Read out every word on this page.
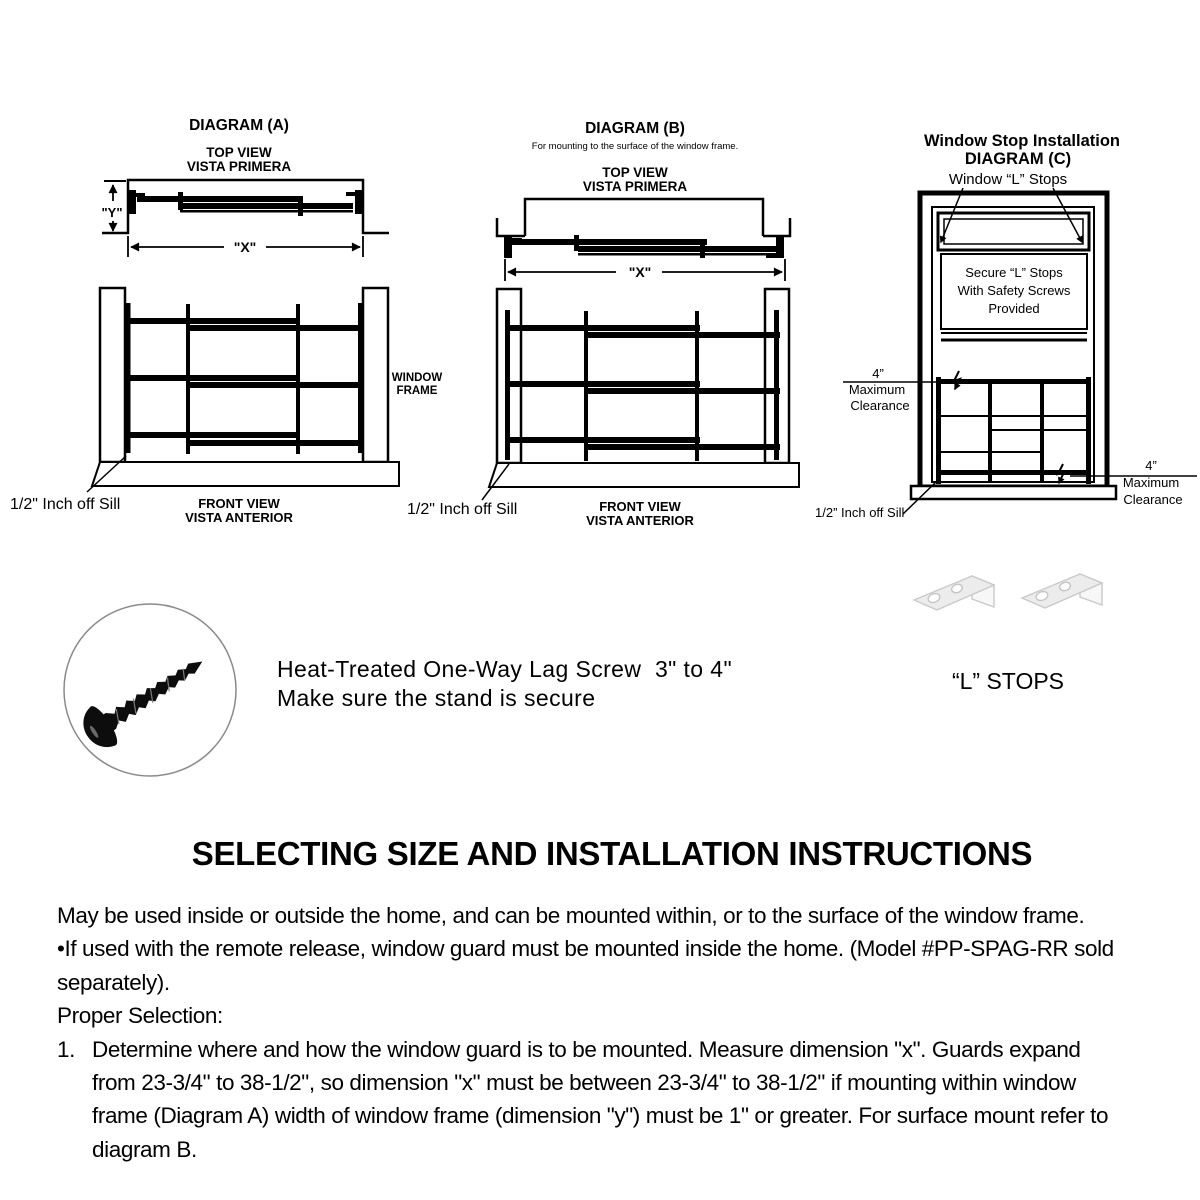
DIAGRAM (A)
TOP VIEW
VISTA PRIMERA
"Y"
"X"
WINDOW
FRAME
1/2" Inch off Sill	FRONT VIEW
VISTA ANTERIOR
DIAGRAM (B)
For mounting to the surface of the window frame.
TOP VIEW
VISTA PRIMERA
"X"
1/2" Inch off Sill	FRONT VIEW
VISTA ANTERIOR
Window Stop Installation
DIAGRAM (C)
Window “L” Stops
Secure “L” Stops
With Safety Screws
Provided
4”
Maximum
Clearance
4”
Maximum
Clearance
1/2” Inch off Sill
Heat-Treated One-Way Lag Screw  3" to 4"
Make sure the stand is secure
“L” STOPS
SELECTING SIZE AND INSTALLATION INSTRUCTIONS
May be used inside or outside the home, and can be mounted within, or to the surface of the window frame.
•If used with the remote release, window guard must be mounted inside the home. (Model #PP-SPAG-RR sold
separately).
Proper Selection:
1. Determine where and how the window guard is to be mounted. Measure dimension "x". Guards expand
from 23-3/4" to 38-1/2", so dimension "x" must be between 23-3/4" to 38-1/2" if mounting within window
frame (Diagram A) width of window frame (dimension "y") must be 1" or greater. For surface mount refer to
diagram B.
